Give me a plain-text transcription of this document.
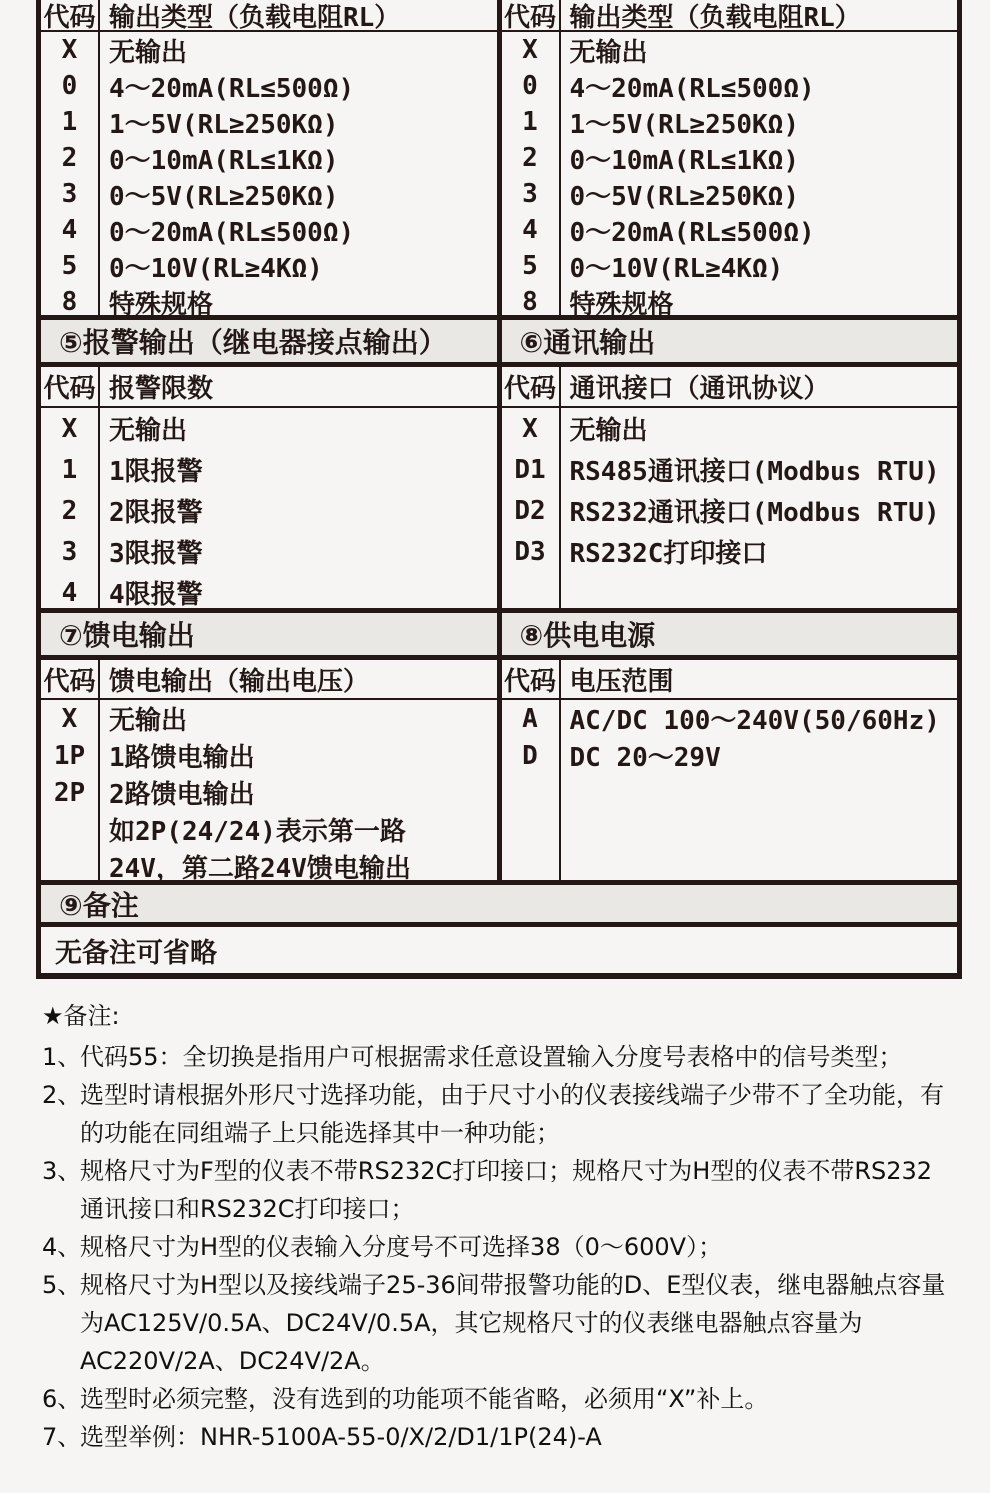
代码 输出类型（负载电阻RL）
X	无输出
0	4～20mA(RL≤500Ω)
1	1～5V(RL≥250KΩ)
2	0～10mA(RL≤1KΩ)
3	0～5V(RL≥250KΩ)
4	0～20mA(RL≤500Ω)
5	0～10V(RL≥4KΩ)
8	特殊规格
代码 输出类型（负载电阻RL）
X	无输出
0	4～20mA(RL≤500Ω)
1	1～5V(RL≥250KΩ)
2	0～10mA(RL≤1KΩ)
3	0～5V(RL≥250KΩ)
4	0～20mA(RL≤500Ω)
5	0～10V(RL≥4KΩ)
8	特殊规格
⑤报警输出（继电器接点输出）	⑥通讯输出
代码 报警限数
X	无输出
1	1限报警
2	2限报警
3	3限报警
4	4限报警
代码 通讯接口（通讯协议）
X	无输出
D1 RS485通讯接口(Modbus RTU)
D2 RS232通讯接口(Modbus RTU)
D3 RS232C打印接口
⑦馈电输出	⑧供电电源
代码 馈电输出（输出电压）
X	无输出
1P 1路馈电输出
2P 2路馈电输出
如2P(24/24)表示第一路
24V，第二路24V馈电输出
代码 电压范围
A	AC/DC 100～240V(50/60Hz)
D	DC 20～29V
⑨备注
无备注可省略
★备注:
1、
代码55：全切换是指用户可根据需求任意设置输入分度号表格中的信号类型；
2、
选型时请根据外形尺寸选择功能，由于尺寸小的仪表接线端子少带不了全功能，有的功能在同组端子上只能选择其中一种功能；
3、
规格尺寸为F型的仪表不带RS232C打印接口；规格尺寸为H型的仪表不带RS232通讯接口和RS232C打印接口；
4、
规格尺寸为H型的仪表输入分度号不可选择38（0～600V）；
5、
规格尺寸为H型以及接线端子25-36间带报警功能的D、E型仪表，继电器触点容量为AC125V/0.5A、DC24V/0.5A，其它规格尺寸的仪表继电器触点容量为AC220V/2A、DC24V/2A。
6、
选型时必须完整，没有选到的功能项不能省略，必须用“X”补上。
7、
选型举例：NHR-5100A-55-0/X/2/D1/1P(24)-A
